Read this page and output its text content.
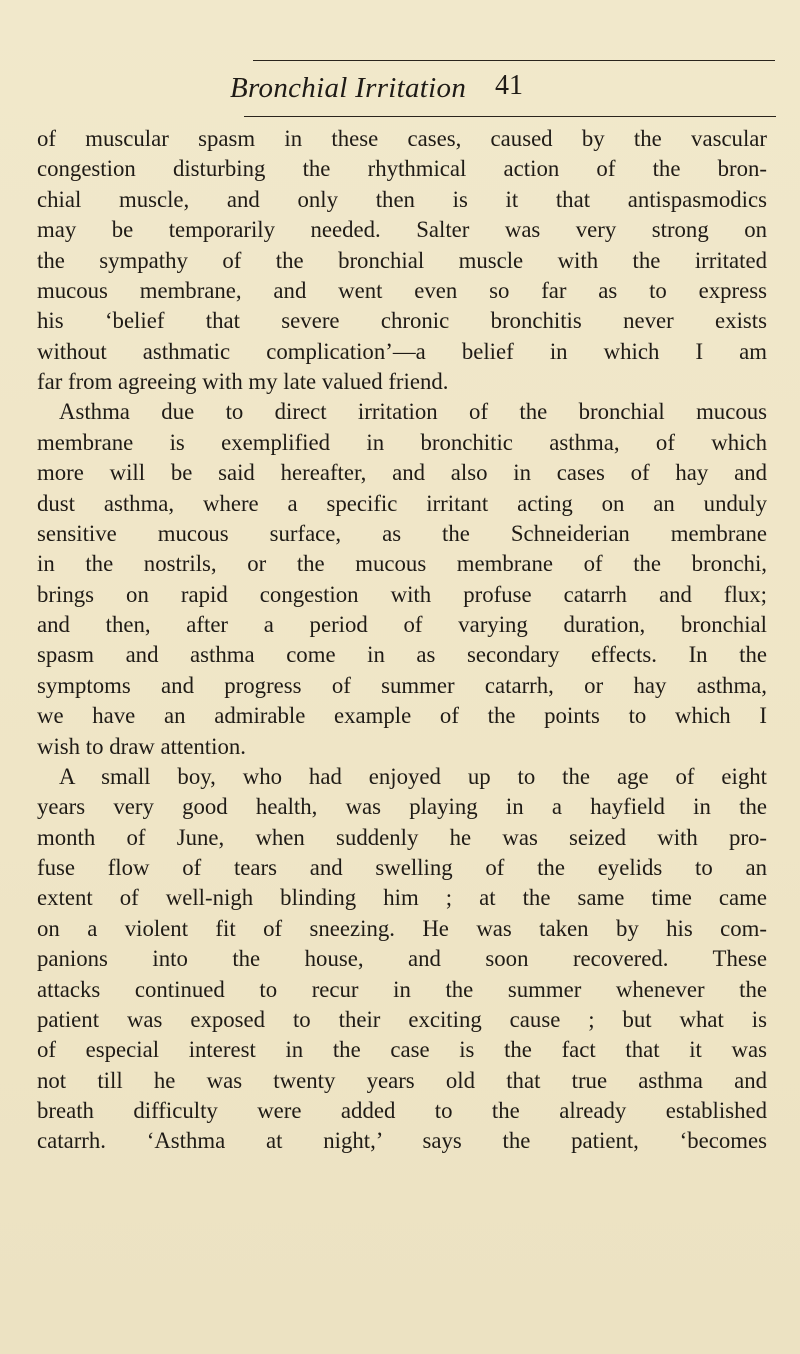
Bronchial Irritation	41
of muscular spasm in these cases, caused by the vascular
congestion disturbing the rhythmical action of the bron-
chial muscle, and only then is it that antispasmodics
may be temporarily needed. Salter was very strong on
the sympathy of the bronchial muscle with the irritated
mucous membrane, and went even so far as to express
his ‘belief that severe chronic bronchitis never exists
without asthmatic complication’—a belief in which I am
far from agreeing with my late valued friend.
Asthma due to direct irritation of the bronchial mucous
membrane is exemplified in bronchitic asthma, of which
more will be said hereafter, and also in cases of hay and
dust asthma, where a specific irritant acting on an unduly
sensitive mucous surface, as the Schneiderian membrane
in the nostrils, or the mucous membrane of the bronchi,
brings on rapid congestion with profuse catarrh and flux;
and then, after a period of varying duration, bronchial
spasm and asthma come in as secondary effects. In the
symptoms and progress of summer catarrh, or hay asthma,
we have an admirable example of the points to which I
wish to draw attention.
A small boy, who had enjoyed up to the age of eight
years very good health, was playing in a hayfield in the
month of June, when suddenly he was seized with pro-
fuse flow of tears and swelling of the eyelids to an
extent of well-nigh blinding him ; at the same time came
on a violent fit of sneezing. He was taken by his com-
panions into the house, and soon recovered. These
attacks continued to recur in the summer whenever the
patient was exposed to their exciting cause ; but what is
of especial interest in the case is the fact that it was
not till he was twenty years old that true asthma and
breath difficulty were added to the already established
catarrh. ‘Asthma at night,’ says the patient, ‘becomes
